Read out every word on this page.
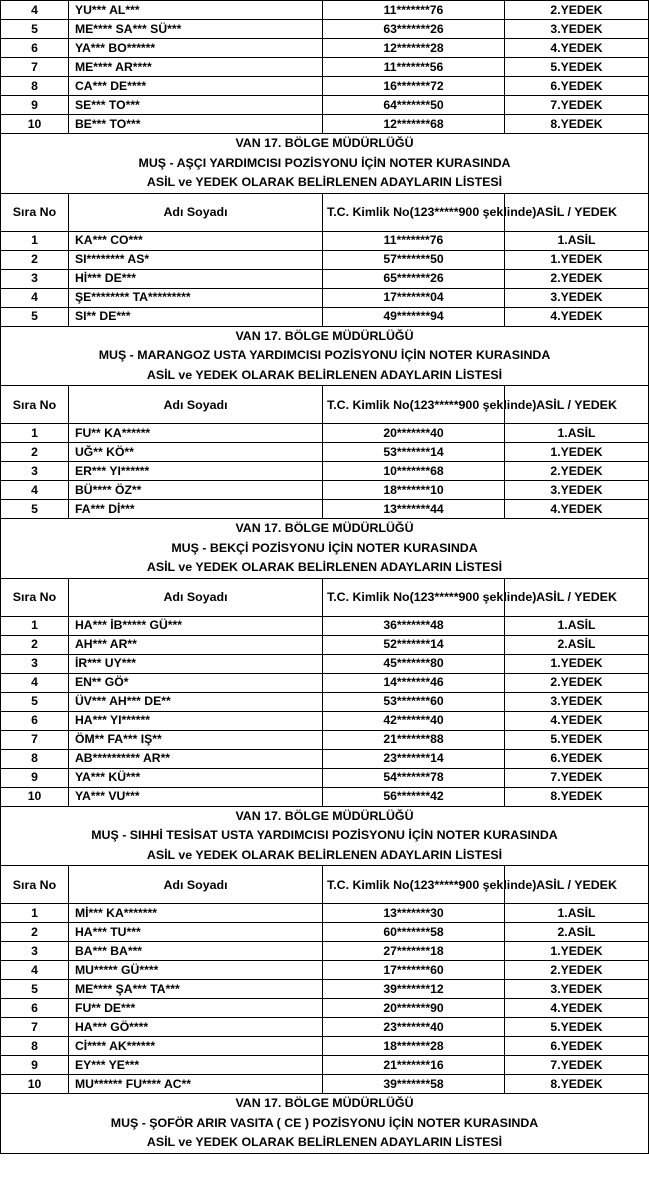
4	YU*** AL***	11*******76	2.YEDEK
5	ME**** SA*** SÜ***	63*******26	3.YEDEK
6	YA*** BO******	12*******28	4.YEDEK
7	ME**** AR****	11*******56	5.YEDEK
8	CA*** DE****	16*******72	6.YEDEK
9	SE*** TO***	64*******50	7.YEDEK
10	BE*** TO***	12*******68	8.YEDEK

VAN 17. BÖLGE MÜDÜRLÜĞÜ
MUŞ - AŞÇI YARDIMCISI POZİSYONU İÇİN NOTER KURASINDA
ASİL ve YEDEK OLARAK BELİRLENEN ADAYLARIN LİSTESİ			

Sıra No	Adı Soyadı	T.C. Kimlik No(123*****900 şeklinde)	ASİL / YEDEK
1	KA*** CO***	11*******76	1.ASİL
2	SI******** AS*	57*******50	1.YEDEK
3	Hİ*** DE***	65*******26	2.YEDEK
4	ŞE******** TA*********	17*******04	3.YEDEK
5	SI** DE***	49*******94	4.YEDEK

VAN 17. BÖLGE MÜDÜRLÜĞÜ
MUŞ - MARANGOZ USTA YARDIMCISI POZİSYONU İÇİN NOTER KURASINDA
ASİL ve YEDEK OLARAK BELİRLENEN ADAYLARIN LİSTESİ			

Sıra No	Adı Soyadı	T.C. Kimlik No(123*****900 şeklinde)	ASİL / YEDEK
1	FU** KA******	20*******40	1.ASİL
2	UĞ** KÖ**	53*******14	1.YEDEK
3	ER*** YI******	10*******68	2.YEDEK
4	BÜ**** ÖZ**	18*******10	3.YEDEK
5	FA*** Dİ***	13*******44	4.YEDEK

VAN 17. BÖLGE MÜDÜRLÜĞÜ
MUŞ - BEKÇİ POZİSYONU İÇİN NOTER KURASINDA
ASİL ve YEDEK OLARAK BELİRLENEN ADAYLARIN LİSTESİ			

Sıra No	Adı Soyadı	T.C. Kimlik No(123*****900 şeklinde)	ASİL / YEDEK
1	HA*** İB***** GÜ***	36*******48	1.ASİL
2	AH*** AR**	52*******14	2.ASİL
3	İR*** UY***	45*******80	1.YEDEK
4	EN** GÖ*	14*******46	2.YEDEK
5	ÜV*** AH*** DE**	53*******60	3.YEDEK
6	HA*** YI******	42*******40	4.YEDEK
7	ÖM** FA*** IŞ**	21*******88	5.YEDEK
8	AB********** AR**	23*******14	6.YEDEK
9	YA*** KÜ***	54*******78	7.YEDEK
10	YA*** VU***	56*******42	8.YEDEK

VAN 17. BÖLGE MÜDÜRLÜĞÜ
MUŞ - SIHHİ TESİSAT USTA YARDIMCISI POZİSYONU İÇİN NOTER KURASINDA
ASİL ve YEDEK OLARAK BELİRLENEN ADAYLARIN LİSTESİ			

Sıra No	Adı Soyadı	T.C. Kimlik No(123*****900 şeklinde)	ASİL / YEDEK
1	Mİ*** KA*******	13*******30	1.ASİL
2	HA*** TU***	60*******58	2.ASİL
3	BA*** BA***	27*******18	1.YEDEK
4	MU***** GÜ****	17*******60	2.YEDEK
5	ME**** ŞA*** TA***	39*******12	3.YEDEK
6	FU** DE***	20*******90	4.YEDEK
7	HA*** GÖ****	23*******40	5.YEDEK
8	Cİ**** AK******	18*******28	6.YEDEK
9	EY*** YE***	21*******16	7.YEDEK
10	MU****** FU**** AC**	39*******58	8.YEDEK

VAN 17. BÖLGE MÜDÜRLÜĞÜ
MUŞ - ŞOFÖR ARIR VASITA ( CE ) POZİSYONU İÇİN NOTER KURASINDA
ASİL ve YEDEK OLARAK BELİRLENEN ADAYLARIN LİSTESİ			
